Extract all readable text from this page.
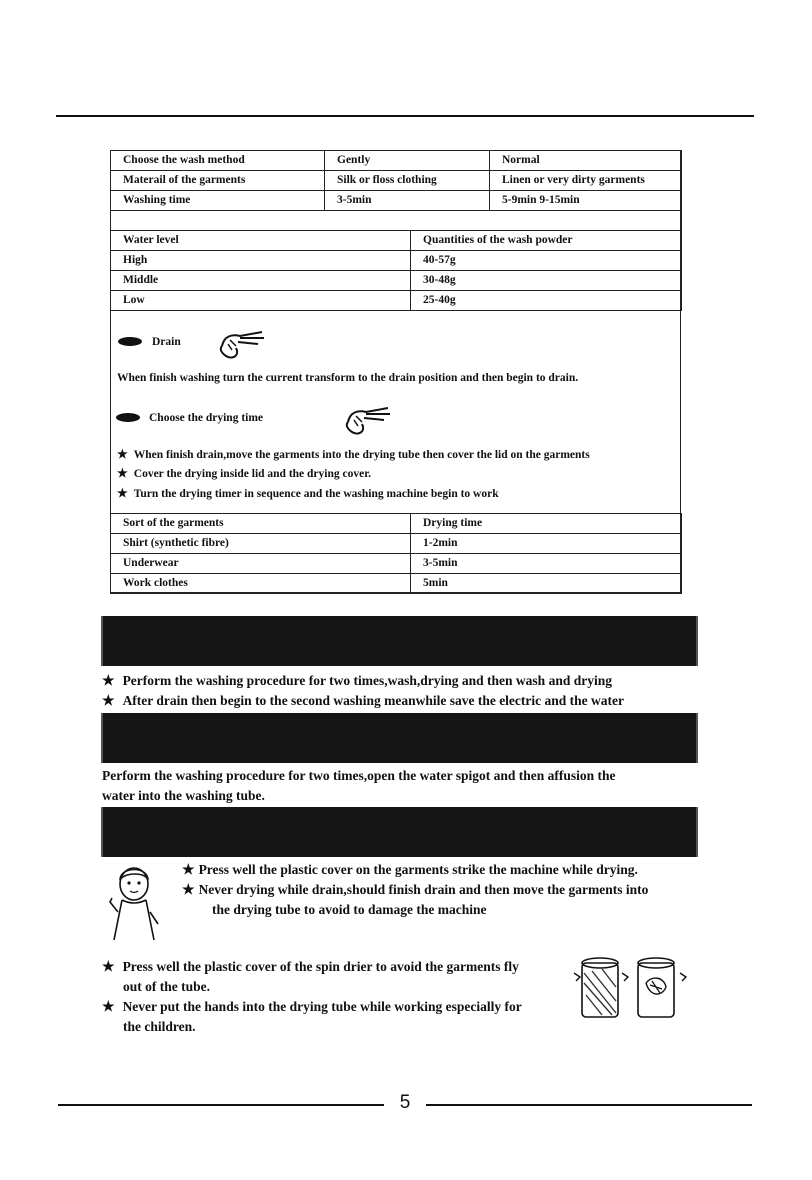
Choose the wash method	Gently	Normal
Materail of the garments	Silk or floss clothing	Linen or very dirty garments
Washing time	3-5min	5-9min 9-15min

Water level	Quantities of the wash powder
High	40-57g
Middle	30-48g
Low	25-40g
Drain
When finish washing turn the current transform to the drain position and then begin to drain.
Choose the drying time
★ When finish drain,move the garments into the drying tube then cover the lid on the garments
★ Cover the drying inside lid and the drying cover.
★ Turn the drying timer in sequence and the washing machine begin to work
Sort of the garments	Drying time
Shirt (synthetic fibre)	1-2min
Underwear	3-5min
Work clothes	5min
★ Perform the washing procedure for two times,wash,drying and then wash and drying
★ After drain then begin to the second washing meanwhile save the electric and the water
Perform the washing procedure for two times,open the water spigot and then affusion the
water into the washing tube.
★ Press well the plastic cover on the garments strike the machine while drying.
★ Never drying while drain,should finish drain and then move the garments into
the drying tube to avoid to damage the machine
★ Press well the plastic cover of the spin drier to avoid the garments fly
out of the tube.
★ Never put the hands into the drying tube while working especially for
the children.
5
